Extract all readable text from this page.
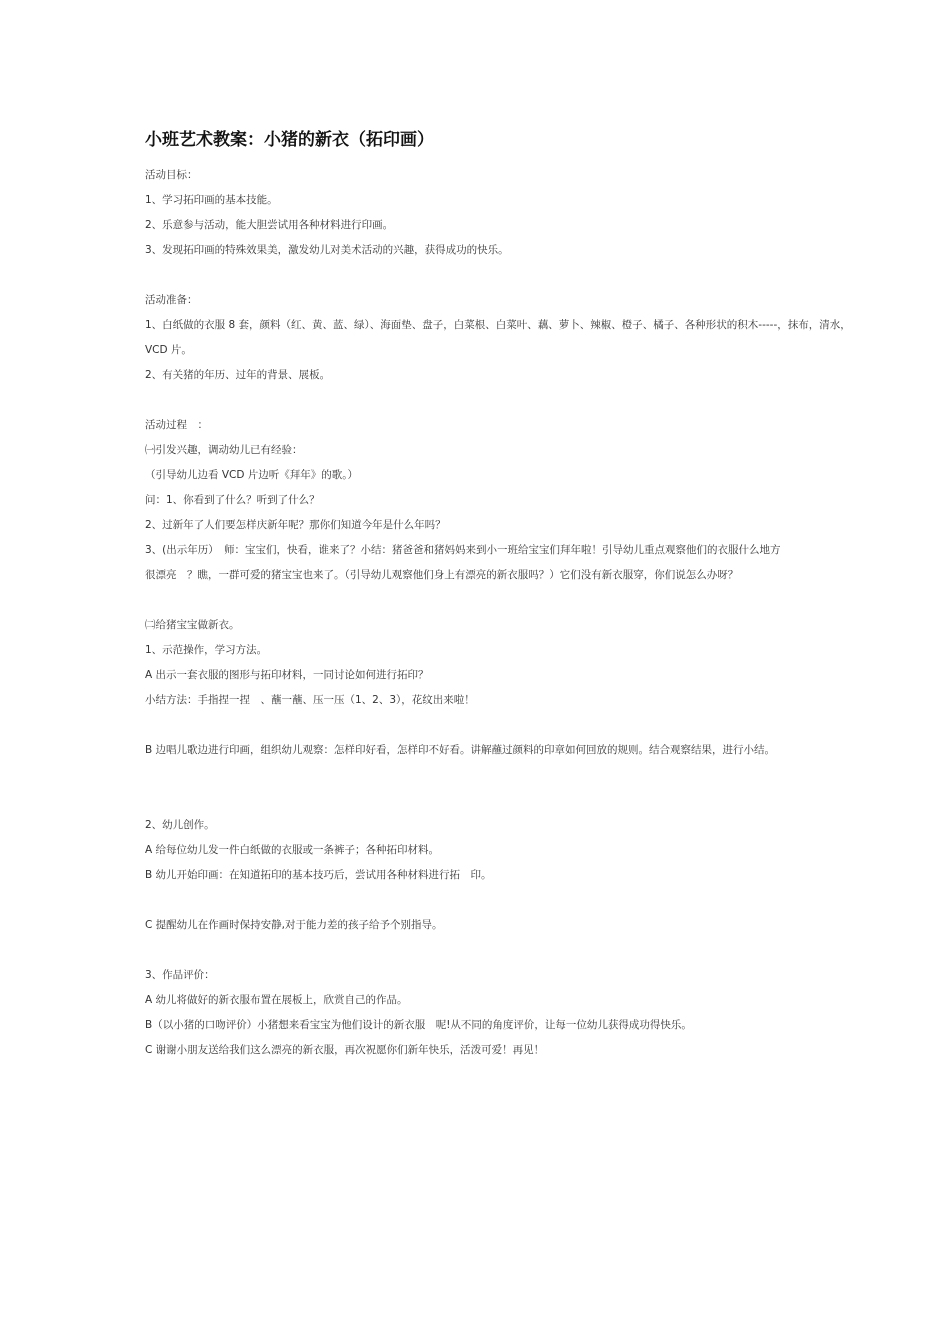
小班艺术教案：小猪的新衣（拓印画）
活动目标：
1、学习拓印画的基本技能。
2、乐意参与活动，能大胆尝试用各种材料进行印画。
3、发现拓印画的特殊效果美，激发幼儿对美术活动的兴趣，获得成功的快乐。
活动准备：
1、白纸做的衣服 8 套，颜料（红、黄、蓝、绿）、海面垫、盘子，白菜根、白菜叶、藕、萝卜、辣椒、橙子、橘子、各种形状的积木-----，抹布，清水，
VCD 片。
2、有关猪的年历、过年的背景、展板。
活动过程　：
㈠引发兴趣，调动幼儿已有经验：
（引导幼儿边看 VCD 片边听《拜年》的歌。）
问：1、你看到了什么？听到了什么？
2、过新年了人们要怎样庆新年呢？那你们知道今年是什么年吗？
3、(出示年历）　师：宝宝们，快看，谁来了？小结：猪爸爸和猪妈妈来到小一班给宝宝们拜年啦！引导幼儿重点观察他们的衣服什么地方
很漂亮　？瞧，一群可爱的猪宝宝也来了。（引导幼儿观察他们身上有漂亮的新衣服吗？）它们没有新衣服穿，你们说怎么办呀？
㈡给猪宝宝做新衣。
1、示范操作，学习方法。
A 出示一套衣服的图形与拓印材料，一同讨论如何进行拓印？
小结方法：手指捏一捏　、蘸一蘸、压一压（1、2、3），花纹出来啦！
B 边唱儿歌边进行印画，组织幼儿观察：怎样印好看，怎样印不好看。讲解蘸过颜料的印章如何回放的规则。结合观察结果，进行小结。
2、幼儿创作。
A 给每位幼儿发一件白纸做的衣服或一条裤子；各种拓印材料。
B 幼儿开始印画：在知道拓印的基本技巧后，尝试用各种材料进行拓　印。
C 提醒幼儿在作画时保持安静,对于能力差的孩子给予个别指导。
3、作品评价：
A 幼儿将做好的新衣服布置在展板上，欣赏自己的作品。
B（以小猪的口吻评价）小猪想来看宝宝为他们设计的新衣服　呢!从不同的角度评价，让每一位幼儿获得成功得快乐。
C 谢谢小朋友送给我们这么漂亮的新衣服，再次祝愿你们新年快乐，活泼可爱！再见！
